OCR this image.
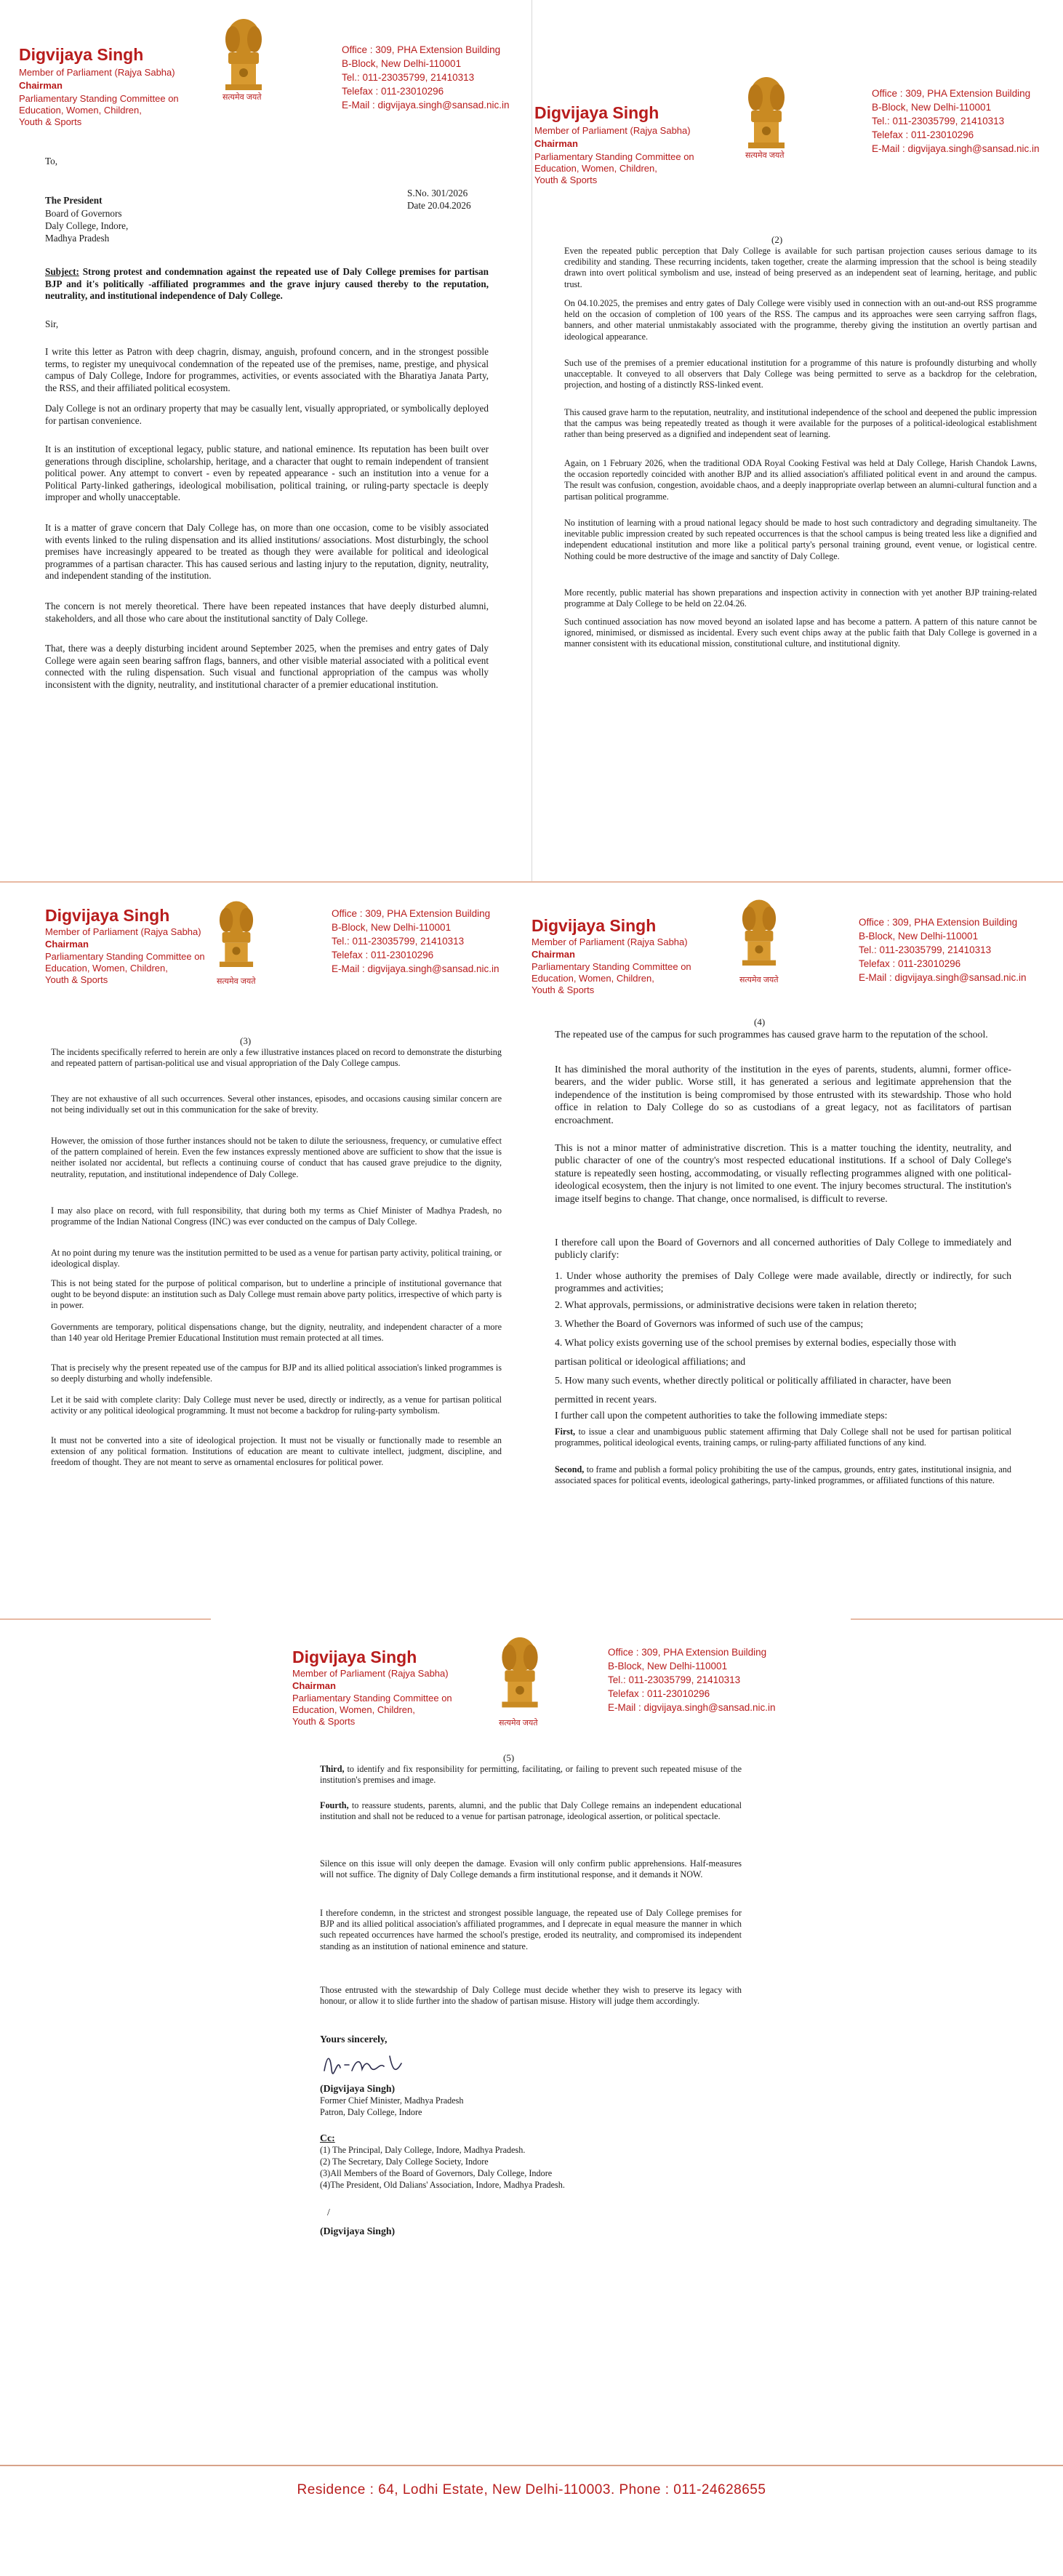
Digvijaya Singh
Member of Parliament (Rajya Sabha)
Chairman
Parliamentary Standing Committee on
Education, Women, Children,
Youth & Sports
सत्यमेव जयते
Office : 309, PHA Extension Building
B-Block, New Delhi-110001
Tel.: 011-23035799, 21410313
Telefax : 011-23010296
E-Mail : digvijaya.singh@sansad.nic.in
To,
S.No. 301/2026
Date 20.04.2026
The President
Board of Governors
Daly College, Indore,
Madhya Pradesh
Subject: Strong protest and condemnation against the repeated use of Daly College premises for partisan BJP and it's politically -affiliated programmes and the grave injury caused thereby to the reputation, neutrality, and institutional independence of Daly College.
Sir,
I write this letter as Patron with deep chagrin, dismay, anguish, profound concern, and in the strongest possible terms, to register my unequivocal condemnation of the repeated use of the premises, name, prestige, and physical campus of Daly College, Indore for programmes, activities, or events associated with the Bharatiya Janata Party, the RSS, and their affiliated political ecosystem.
Daly College is not an ordinary property that may be casually lent, visually appropriated, or symbolically deployed for partisan convenience.
It is an institution of exceptional legacy, public stature, and national eminence. Its reputation has been built over generations through discipline, scholarship, heritage, and a character that ought to remain independent of transient political power. Any attempt to convert - even by repeated appearance - such an institution into a venue for a Political Party-linked gatherings, ideological mobilisation, political training, or ruling-party spectacle is deeply improper and wholly unacceptable.
It is a matter of grave concern that Daly College has, on more than one occasion, come to be visibly associated with events linked to the ruling dispensation and its allied institutions/ associations. Most disturbingly, the school premises have increasingly appeared to be treated as though they were available for political and ideological programmes of a partisan character. This has caused serious and lasting injury to the reputation, dignity, neutrality, and independent standing of the institution.
The concern is not merely theoretical. There have been repeated instances that have deeply disturbed alumni, stakeholders, and all those who care about the institutional sanctity of Daly College.
That, there was a deeply disturbing incident around September 2025, when the premises and entry gates of Daly College were again seen bearing saffron flags, banners, and other visible material associated with a political event connected with the ruling dispensation. Such visual and functional appropriation of the campus was wholly inconsistent with the dignity, neutrality, and institutional character of a premier educational institution.
Digvijaya Singh
Member of Parliament (Rajya Sabha)
Chairman
Parliamentary Standing Committee on
Education, Women, Children,
Youth & Sports
सत्यमेव जयते
Office : 309, PHA Extension Building
B-Block, New Delhi-110001
Tel.: 011-23035799, 21410313
Telefax : 011-23010296
E-Mail : digvijaya.singh@sansad.nic.in
(2)
Even the repeated public perception that Daly College is available for such partisan projection causes serious damage to its credibility and standing. These recurring incidents, taken together, create the alarming impression that the school is being steadily drawn into overt political symbolism and use, instead of being preserved as an independent seat of learning, heritage, and public trust.
On 04.10.2025, the premises and entry gates of Daly College were visibly used in connection with an out-and-out RSS programme held on the occasion of completion of 100 years of the RSS. The campus and its approaches were seen carrying saffron flags, banners, and other material unmistakably associated with the programme, thereby giving the institution an overtly partisan and ideological appearance.
Such use of the premises of a premier educational institution for a programme of this nature is profoundly disturbing and wholly unacceptable. It conveyed to all observers that Daly College was being permitted to serve as a backdrop for the celebration, projection, and hosting of a distinctly RSS-linked event.
This caused grave harm to the reputation, neutrality, and institutional independence of the school and deepened the public impression that the campus was being repeatedly treated as though it were available for the purposes of a political-ideological establishment rather than being preserved as a dignified and independent seat of learning.
Again, on 1 February 2026, when the traditional ODA Royal Cooking Festival was held at Daly College, Harish Chandok Lawns, the occasion reportedly coincided with another BJP and its allied association's affiliated political event in and around the campus. The result was confusion, congestion, avoidable chaos, and a deeply inappropriate overlap between an alumni-cultural function and a partisan political programme.
No institution of learning with a proud national legacy should be made to host such contradictory and degrading simultaneity. The inevitable public impression created by such repeated occurrences is that the school campus is being treated less like a dignified and independent educational institution and more like a political party's personal training ground, event venue, or logistical centre. Nothing could be more destructive of the image and sanctity of Daly College.
More recently, public material has shown preparations and inspection activity in connection with yet another BJP training-related programme at Daly College to be held on 22.04.26.
Such continued association has now moved beyond an isolated lapse and has become a pattern. A pattern of this nature cannot be ignored, minimised, or dismissed as incidental. Every such event chips away at the public faith that Daly College is governed in a manner consistent with its educational mission, constitutional culture, and institutional dignity.
Digvijaya Singh
Member of Parliament (Rajya Sabha)
Chairman
Parliamentary Standing Committee on
Education, Women, Children,
Youth & Sports	सत्यमेव जयते
Office : 309, PHA Extension Building
B-Block, New Delhi-110001
Tel.: 011-23035799, 21410313
Telefax : 011-23010296
E-Mail : digvijaya.singh@sansad.nic.in
(3)
The incidents specifically referred to herein are only a few illustrative instances placed on record to demonstrate the disturbing and repeated pattern of partisan-political use and visual appropriation of the Daly College campus.
They are not exhaustive of all such occurrences. Several other instances, episodes, and occasions causing similar concern are not being individually set out in this communication for the sake of brevity.
However, the omission of those further instances should not be taken to dilute the seriousness, frequency, or cumulative effect of the pattern complained of herein. Even the few instances expressly mentioned above are sufficient to show that the issue is neither isolated nor accidental, but reflects a continuing course of conduct that has caused grave prejudice to the dignity, neutrality, reputation, and institutional independence of Daly College.
I may also place on record, with full responsibility, that during both my terms as Chief Minister of Madhya Pradesh, no programme of the Indian National Congress (INC) was ever conducted on the campus of Daly College.
At no point during my tenure was the institution permitted to be used as a venue for partisan party activity, political training, or ideological display.
This is not being stated for the purpose of political comparison, but to underline a principle of institutional governance that ought to be beyond dispute: an institution such as Daly College must remain above party politics, irrespective of which party is in power.
Governments are temporary, political dispensations change, but the dignity, neutrality, and independent character of a more than 140 year old Heritage Premier Educational Institution must remain protected at all times.
That is precisely why the present repeated use of the campus for BJP and its allied political association's linked programmes is so deeply disturbing and wholly indefensible.
Let it be said with complete clarity: Daly College must never be used, directly or indirectly, as a venue for partisan political activity or any political ideological programming. It must not become a backdrop for ruling-party symbolism.
It must not be converted into a site of ideological projection. It must not be visually or functionally made to resemble an extension of any political formation. Institutions of education are meant to cultivate intellect, judgment, discipline, and freedom of thought. They are not meant to serve as ornamental enclosures for political power.
Digvijaya Singh
Member of Parliament (Rajya Sabha)
Chairman
Parliamentary Standing Committee on
Education, Women, Children,
Youth & Sports
सत्यमेव जयते
Office : 309, PHA Extension Building
B-Block, New Delhi-110001
Tel.: 011-23035799, 21410313
Telefax : 011-23010296
E-Mail : digvijaya.singh@sansad.nic.in
(4)
The repeated use of the campus for such programmes has caused grave harm to the reputation of the school.
It has diminished the moral authority of the institution in the eyes of parents, students, alumni, former office-bearers, and the wider public. Worse still, it has generated a serious and legitimate apprehension that the independence of the institution is being compromised by those entrusted with its stewardship. Those who hold office in relation to Daly College do so as custodians of a great legacy, not as facilitators of partisan encroachment.
This is not a minor matter of administrative discretion. This is a matter touching the identity, neutrality, and public character of one of the country's most respected educational institutions. If a school of Daly College's stature is repeatedly seen hosting, accommodating, or visually reflecting programmes aligned with one political-ideological ecosystem, then the injury is not limited to one event. The injury becomes structural. The institution's image itself begins to change. That change, once normalised, is difficult to reverse.
I therefore call upon the Board of Governors and all concerned authorities of Daly College to immediately and publicly clarify:
1. Under whose authority the premises of Daly College were made available, directly or indirectly, for such programmes and activities;
2. What approvals, permissions, or administrative decisions were taken in relation thereto;
3. Whether the Board of Governors was informed of such use of the campus;
4. What policy exists governing use of the school premises by external bodies, especially those with
partisan political or ideological affiliations; and
5. How many such events, whether directly political or politically affiliated in character, have been
permitted in recent years.
I further call upon the competent authorities to take the following immediate steps:
First, to issue a clear and unambiguous public statement affirming that Daly College shall not be used for partisan political programmes, political ideological events, training camps, or ruling-party affiliated functions of any kind.
Second, to frame and publish a formal policy prohibiting the use of the campus, grounds, entry gates, institutional insignia, and associated spaces for political events, ideological gatherings, party-linked programmes, or affiliated functions of this nature.
Digvijaya Singh
Member of Parliament (Rajya Sabha)
Chairman
Parliamentary Standing Committee on
Education, Women, Children,
Youth & Sports	सत्यमेव जयते
Office : 309, PHA Extension Building
B-Block, New Delhi-110001
Tel.: 011-23035799, 21410313
Telefax : 011-23010296
E-Mail : digvijaya.singh@sansad.nic.in
(5)
Third, to identify and fix responsibility for permitting, facilitating, or failing to prevent such repeated misuse of the institution's premises and image.
Fourth, to reassure students, parents, alumni, and the public that Daly College remains an independent educational institution and shall not be reduced to a venue for partisan patronage, ideological assertion, or political spectacle.
Silence on this issue will only deepen the damage. Evasion will only confirm public apprehensions. Half-measures will not suffice. The dignity of Daly College demands a firm institutional response, and it demands it NOW.
I therefore condemn, in the strictest and strongest possible language, the repeated use of Daly College premises for BJP and its allied political association's affiliated programmes, and I deprecate in equal measure the manner in which such repeated occurrences have harmed the school's prestige, eroded its neutrality, and compromised its independent standing as an institution of national eminence and stature.
Those entrusted with the stewardship of Daly College must decide whether they wish to preserve its legacy with honour, or allow it to slide further into the shadow of partisan misuse. History will judge them accordingly.
Yours sincerely,
(Digvijaya Singh)
Former Chief Minister, Madhya Pradesh
Patron, Daly College, Indore
Cc:
(1) The Principal, Daly College, Indore, Madhya Pradesh.
(2) The Secretary, Daly College Society, Indore
(3)All Members of the Board of Governors, Daly College, Indore
(4)The President, Old Dalians' Association, Indore, Madhya Pradesh.
/
(Digvijaya Singh)
Residence : 64, Lodhi Estate, New Delhi-110003. Phone : 011-24628655
